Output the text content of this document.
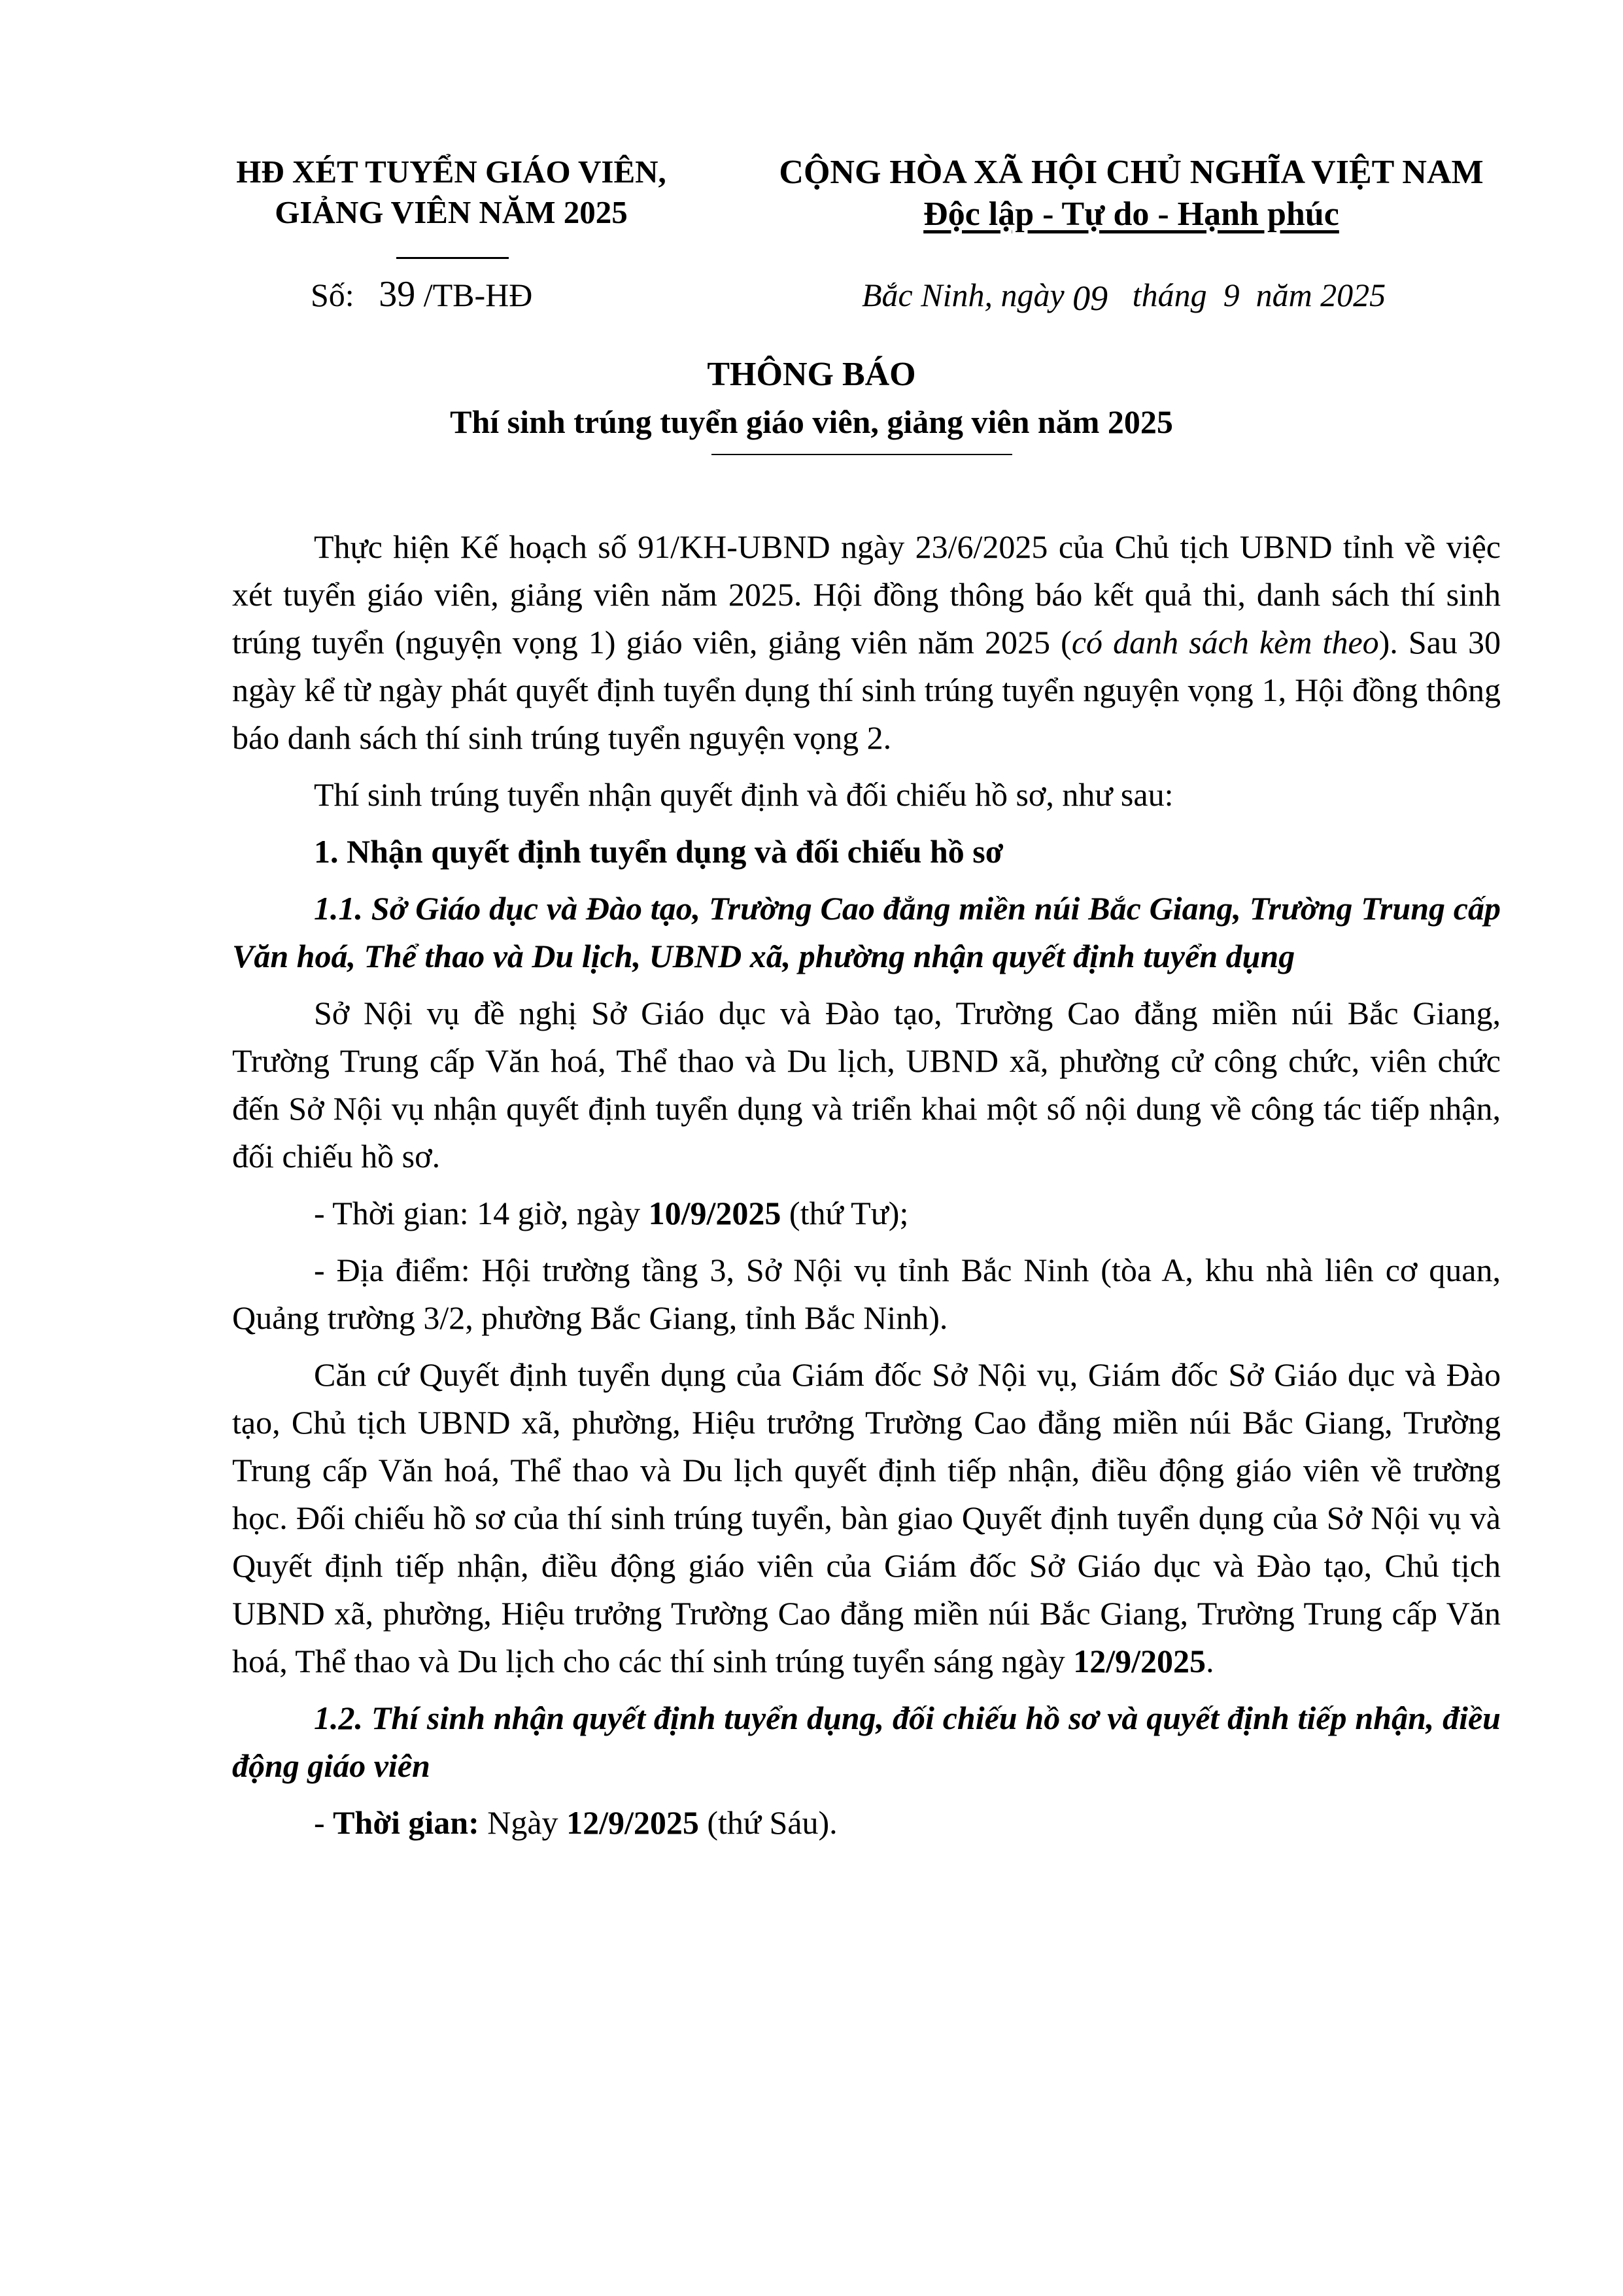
HĐ XÉT TUYỂN GIÁO VIÊN,
GIẢNG VIÊN NĂM 2025
CỘNG HÒA XÃ HỘI CHỦ NGHĨA VIỆT NAM
Độc lập - Tự do - Hạnh phúc
Số: 39 /TB-HĐ	Bắc Ninh, ngày 09 tháng 9 năm 2025
THÔNG BÁO
Thí sinh trúng tuyển giáo viên, giảng viên năm 2025

Thực hiện Kế hoạch số 91/KH-UBND ngày 23/6/2025 của Chủ tịch UBND tỉnh về việc xét tuyển giáo viên, giảng viên năm 2025. Hội đồng thông báo kết quả thi, danh sách thí sinh trúng tuyển (nguyện vọng 1) giáo viên, giảng viên năm 2025 (có danh sách kèm theo). Sau 30 ngày kể từ ngày phát quyết định tuyển dụng thí sinh trúng tuyển nguyện vọng 1, Hội đồng thông báo danh sách thí sinh trúng tuyển nguyện vọng 2.

Thí sinh trúng tuyển nhận quyết định và đối chiếu hồ sơ, như sau:

1. Nhận quyết định tuyển dụng và đối chiếu hồ sơ

1.1. Sở Giáo dục và Đào tạo, Trường Cao đẳng miền núi Bắc Giang, Trường Trung cấp Văn hoá, Thể thao và Du lịch, UBND xã, phường nhận quyết định tuyển dụng

Sở Nội vụ đề nghị Sở Giáo dục và Đào tạo, Trường Cao đẳng miền núi Bắc Giang, Trường Trung cấp Văn hoá, Thể thao và Du lịch, UBND xã, phường cử công chức, viên chức đến Sở Nội vụ nhận quyết định tuyển dụng và triển khai một số nội dung về công tác tiếp nhận, đối chiếu hồ sơ.

- Thời gian: 14 giờ, ngày 10/9/2025 (thứ Tư);

- Địa điểm: Hội trường tầng 3, Sở Nội vụ tỉnh Bắc Ninh (tòa A, khu nhà liên cơ quan, Quảng trường 3/2, phường Bắc Giang, tỉnh Bắc Ninh).

Căn cứ Quyết định tuyển dụng của Giám đốc Sở Nội vụ, Giám đốc Sở Giáo dục và Đào tạo, Chủ tịch UBND xã, phường, Hiệu trưởng Trường Cao đẳng miền núi Bắc Giang, Trường Trung cấp Văn hoá, Thể thao và Du lịch quyết định tiếp nhận, điều động giáo viên về trường học. Đối chiếu hồ sơ của thí sinh trúng tuyển, bàn giao Quyết định tuyển dụng của Sở Nội vụ và Quyết định tiếp nhận, điều động giáo viên của Giám đốc Sở Giáo dục và Đào tạo, Chủ tịch UBND xã, phường, Hiệu trưởng Trường Cao đẳng miền núi Bắc Giang, Trường Trung cấp Văn hoá, Thể thao và Du lịch cho các thí sinh trúng tuyển sáng ngày 12/9/2025.

1.2. Thí sinh nhận quyết định tuyển dụng, đối chiếu hồ sơ và quyết định tiếp nhận, điều động giáo viên

- Thời gian: Ngày 12/9/2025 (thứ Sáu).
